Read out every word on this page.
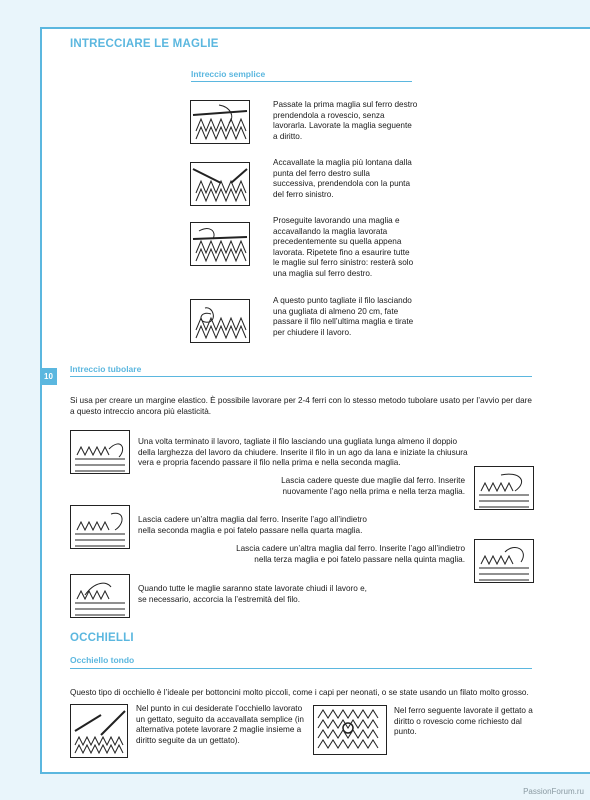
10
INTRECCIARE LE MAGLIE
Intreccio semplice
Passate la prima maglia sul ferro destro prendendola a rovescio, senza lavorarla. Lavorate la maglia seguente a diritto.
Accavallate la maglia più lontana dalla punta del ferro destro sulla successiva, prendendola con la punta del ferro sinistro.
Proseguite lavorando una maglia e accavallando la maglia lavorata precedentemente su quella appena lavorata. Ripetete fino a esaurire tutte le maglie sul ferro sinistro: resterà solo una maglia sul ferro destro.
A questo punto tagliate il filo lasciando una gugliata di almeno 20 cm, fate passare il filo nell’ultima maglia e tirate per chiudere il lavoro.
Intreccio tubolare
Si usa per creare un margine elastico. È possibile lavorare per 2-4 ferri con lo stesso metodo tubolare usato per l’avvio per dare a questo intreccio ancora più elasticità.
Una volta terminato il lavoro, tagliate il filo lasciando una gugliata lunga almeno il doppio della larghezza del lavoro da chiudere. Inserite il filo in un ago da lana e iniziate la chiusura vera e propria facendo passare il filo nella prima e nella seconda maglia.
Lascia cadere queste due maglie dal ferro. Inserite nuovamente l’ago nella prima e nella terza maglia.
Lascia cadere un’altra maglia dal ferro. Inserite l’ago all’indietro nella seconda maglia e poi fatelo passare nella quarta maglia.
Lascia cadere un’altra maglia dal ferro. Inserite l’ago all’indietro nella terza maglia e poi fatelo passare nella quinta maglia.
Quando tutte le maglie saranno state lavorate chiudi il lavoro e, se necessario, accorcia la l’estremità del filo.
OCCHIELLI
Occhiello tondo
Questo tipo di occhiello è l’ideale per bottoncini molto piccoli, come i capi per neonati, o se state usando un filato molto grosso.
Nel punto in cui desiderate l’occhiello lavorato un gettato, seguito da accavallata semplice (in alternativa potete lavorare 2 maglie insieme a diritto seguite da un gettato).
Nel ferro seguente lavorate il gettato a diritto o rovescio come richiesto dal punto.
PassionForum.ru
